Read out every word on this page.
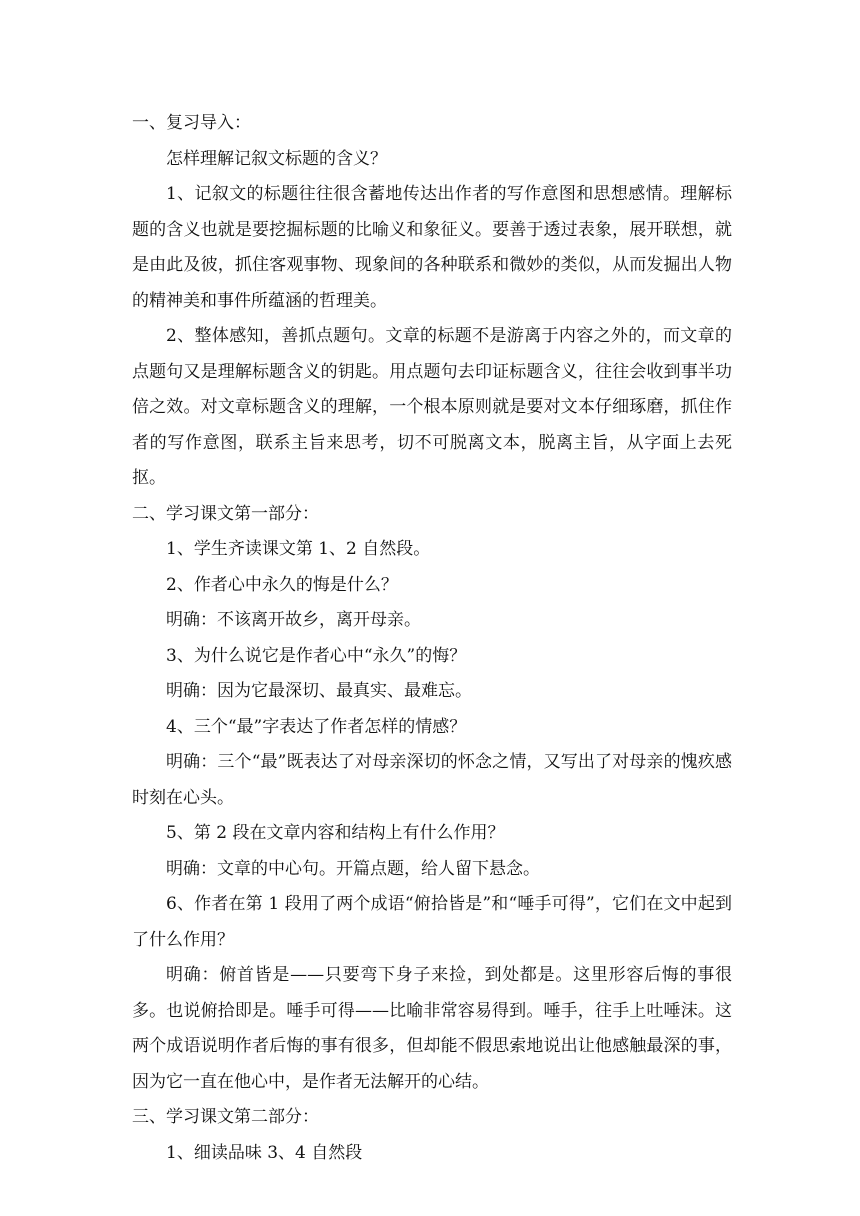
一、复习导入：

怎样理解记叙文标题的含义？

1、记叙文的标题往往很含蓄地传达出作者的写作意图和思想感情。理解标题的含义也就是要挖掘标题的比喻义和象征义。要善于透过表象，展开联想，就是由此及彼，抓住客观事物、现象间的各种联系和微妙的类似，从而发掘出人物的精神美和事件所蕴涵的哲理美。

2、整体感知，善抓点题句。文章的标题不是游离于内容之外的，而文章的点题句又是理解标题含义的钥匙。用点题句去印证标题含义，往往会收到事半功倍之效。对文章标题含义的理解，一个根本原则就是要对文本仔细琢磨，抓住作者的写作意图，联系主旨来思考，切不可脱离文本，脱离主旨，从字面上去死抠。

二、学习课文第一部分：

1、学生齐读课文第 1、2 自然段。

2、作者心中永久的悔是什么？

明确：不该离开故乡，离开母亲。

3、为什么说它是作者心中“永久”的悔？

明确：因为它最深切、最真实、最难忘。

4、三个“最”字表达了作者怎样的情感？

明确：三个“最”既表达了对母亲深切的怀念之情，又写出了对母亲的愧疚感时刻在心头。

5、第 2 段在文章内容和结构上有什么作用？

明确：文章的中心句。开篇点题，给人留下悬念。

6、作者在第 1 段用了两个成语“俯拾皆是”和“唾手可得”，它们在文中起到了什么作用？

明确：俯首皆是——只要弯下身子来捡，到处都是。这里形容后悔的事很多。也说俯拾即是。唾手可得——比喻非常容易得到。唾手，往手上吐唾沫。这两个成语说明作者后悔的事有很多，但却能不假思索地说出让他感触最深的事，因为它一直在他心中，是作者无法解开的心结。

三、学习课文第二部分：

1、细读品味 3、4 自然段
